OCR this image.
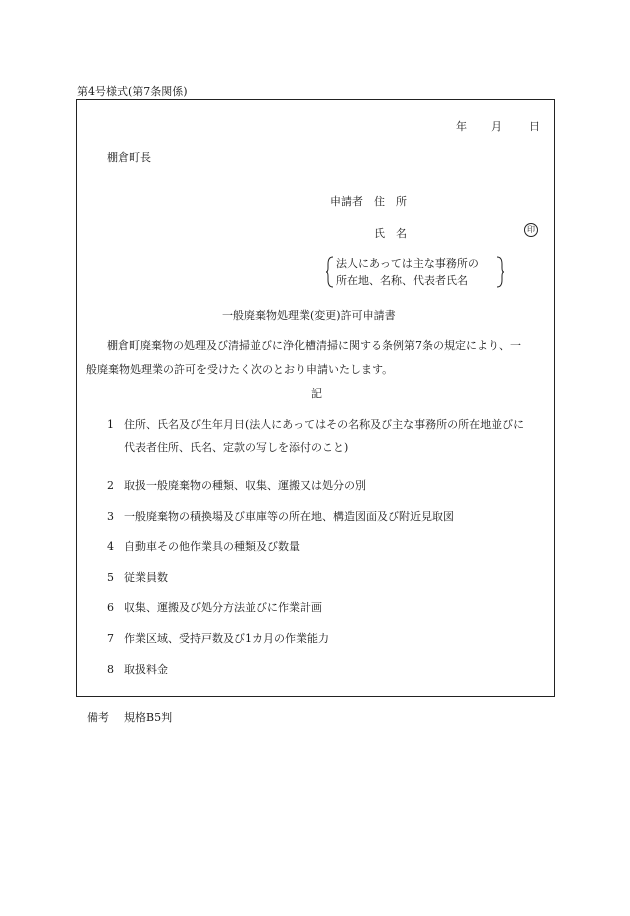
第4号様式(第7条関係)
年 月 日
棚倉町長
申請者 住　所
氏　名	印
法人にあっては主な事務所の
所在地、名称、代表者氏名
一般廃棄物処理業(変更)許可申請書
棚倉町廃棄物の処理及び清掃並びに浄化槽清掃に関する条例第7条の規定により、一
般廃棄物処理業の許可を受けたく次のとおり申請いたします。
記
1 住所、氏名及び生年月日(法人にあってはその名称及び主な事務所の所在地並びに
代表者住所、氏名、定款の写しを添付のこと)
2 取扱一般廃棄物の種類、収集、運搬又は処分の別
3 一般廃棄物の積換場及び車庫等の所在地、構造図面及び附近見取図
4 自動車その他作業具の種類及び数量
5 従業員数
6 収集、運搬及び処分方法並びに作業計画
7 作業区域、受持戸数及び1カ月の作業能力
8 取扱料金
備考 規格B5判
